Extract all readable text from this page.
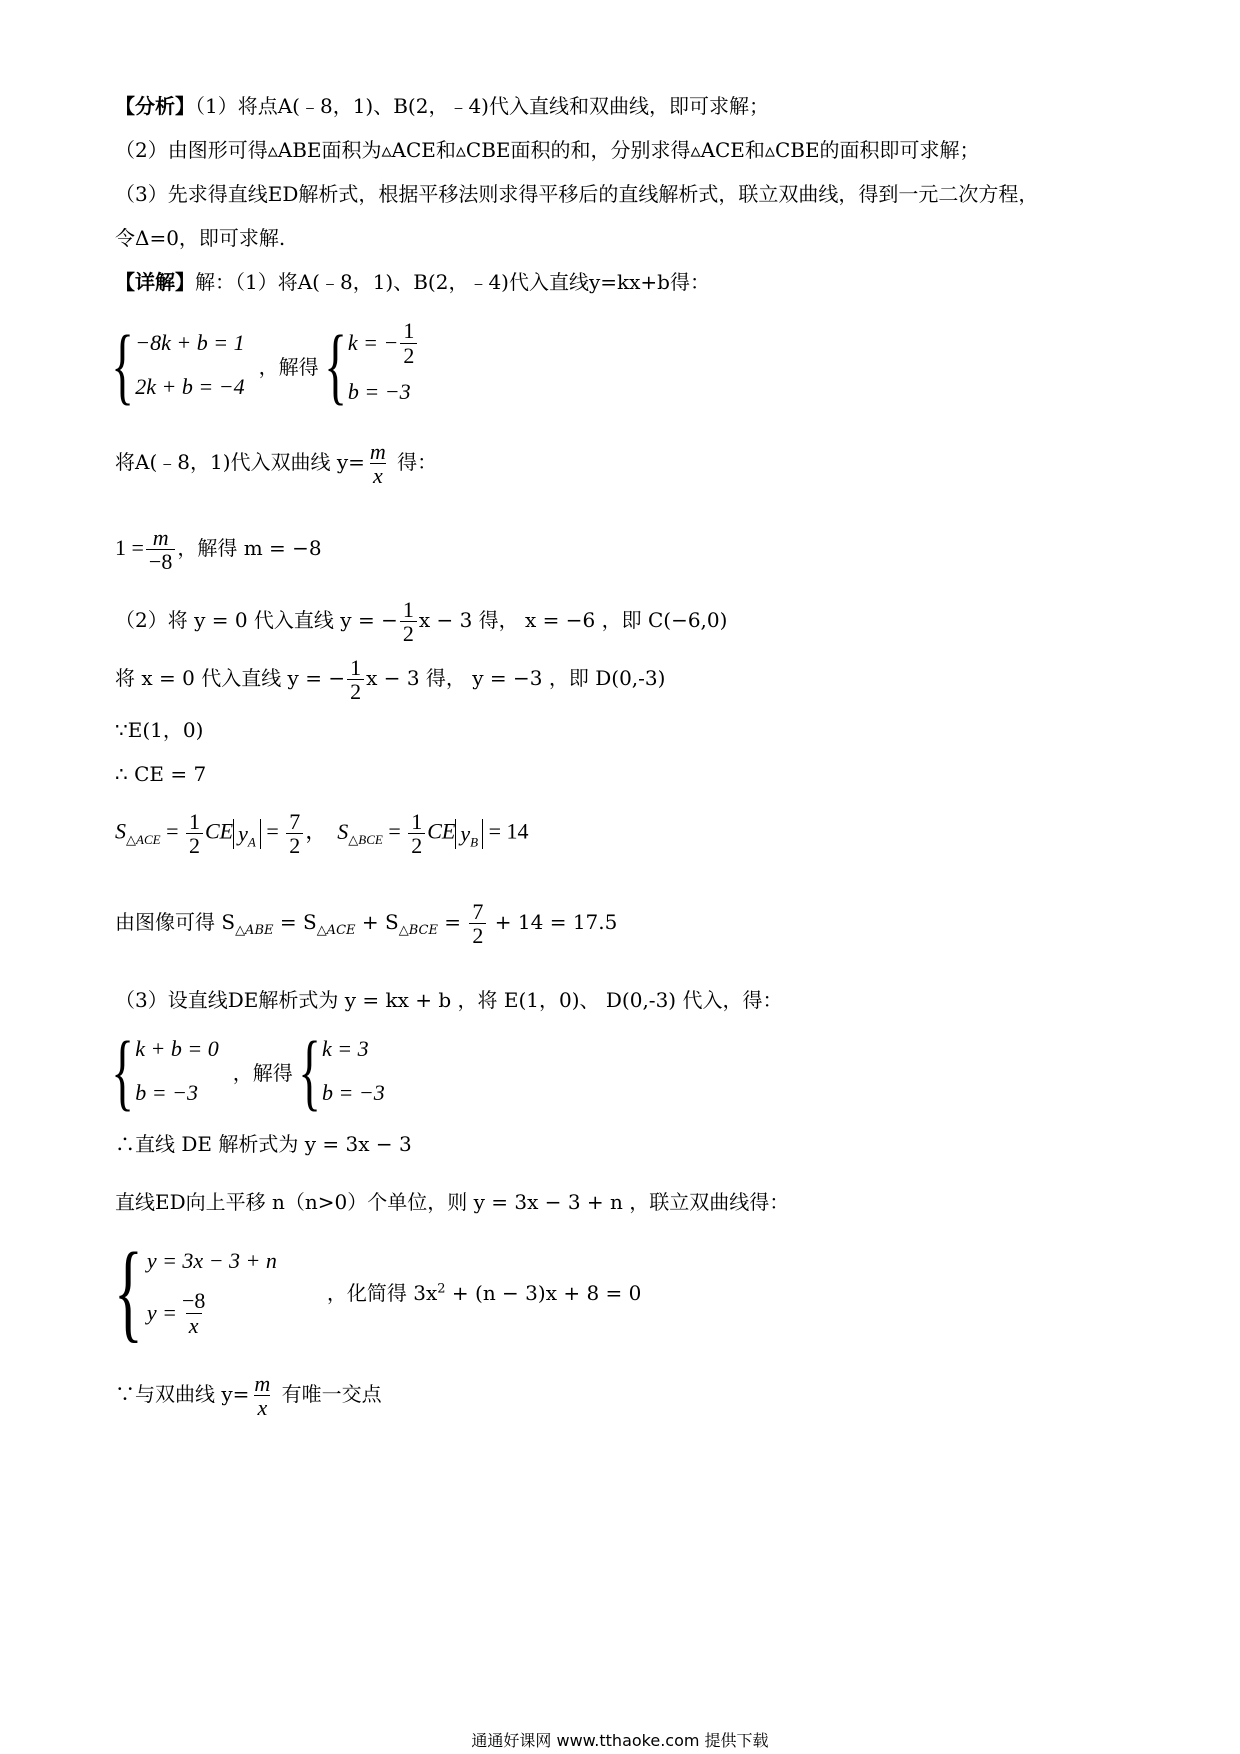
【分析】（1）将点A(﹣8，1)、B(2，﹣4)代入直线和双曲线，即可求解；
（2）由图形可得▵ABE面积为▵ACE和▵CBE面积的和，分别求得▵ACE和▵CBE的面积即可求解；
（3）先求得直线ED解析式，根据平移法则求得平移后的直线解析式，联立双曲线，得到一元二次方程，
令Δ=0，即可求解.
【详解】解：（1）将A(﹣8，1)、B(2，﹣4)代入直线y=kx+b得：
{ −8k + b = 1
2k + b = −4
，解得 { k = − $\frac{1}{2}$
b = −3
将A(﹣8，1)代入双曲线 $y= \frac{m}{x}$ 得：
$1 = \frac{m}{-8}$ ，解得 m = −8
（2）将 y = 0 代入直线 y = − $\frac{1}{2}$ x − 3 得， x = −6 ，即 C(−6,0)
将 x = 0 代入直线 y = − $\frac{1}{2}$ x − 3 得， y = −3 ，即 D(0,-3)
∵E(1，0)
∴ CE = 7
$S_{\triangle ACE} = \frac{1}{2}$ CE $y_A = \frac{7}{2}$ ， $S_{\triangle BCE} = \frac{1}{2}$ CE $y_B = 14$
由图像可得 $S_{\triangle ABE} = S_{\triangle ACE} + S_{\triangle BCE} = \frac{7}{2} + 14 = 17.5$
（3）设直线DE解析式为 y = kx + b ，将 E(1，0)、 D(0,-3) 代入，得：
{ k + b = 0
b = −3
，解得 { k = 3
b = −3
∴直线 DE 解析式为 y = 3x − 3
直线ED向上平移 n（n>0）个单位，则 y = 3x − 3 + n ，联立双曲线得：
{ y = 3x − 3 + n
$y = \frac{-8}{x}$	，化简得 $3x^2 + (n - 3)x + 8 = 0$
∵与双曲线 $y= \frac{m}{x}$ 有唯一交点
通通好课网 www.tthaoke.com 提供下载
